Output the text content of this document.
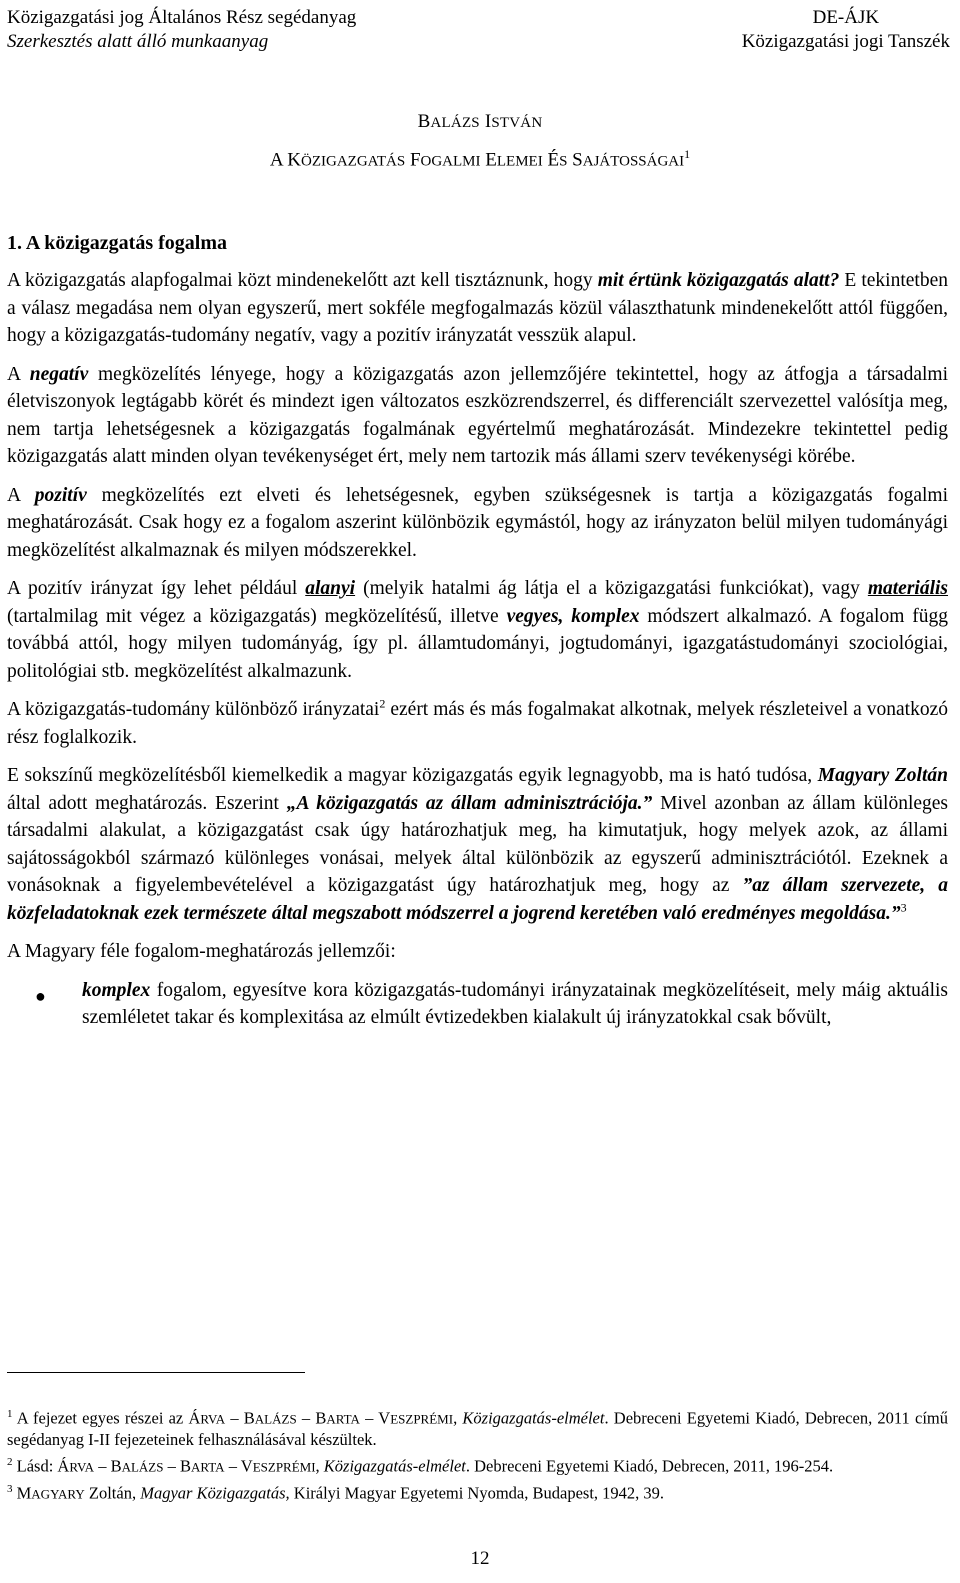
Közigazgatási jog Általános Rész segédanyag
Szerkesztés alatt álló munkaanyag
DE-ÁJK
Közigazgatási jogi Tanszék
BALÁZS ISTVÁN
A KÖZIGAZGATÁS FOGALMI ELEMEI ÉS SAJÁTOSSÁGAI$^1$
1. A közigazgatás fogalma

A közigazgatás alapfogalmai közt mindenekelőtt azt kell tisztáznunk, hogy mit értünk közigazgatás alatt? E tekintetben a válasz megadása nem olyan egyszerű, mert sokféle megfogalmazás közül választhatunk mindenekelőtt attól függően, hogy a közigazgatás-tudomány negatív, vagy a pozitív irányzatát vesszük alapul.

A negatív megközelítés lényege, hogy a közigazgatás azon jellemzőjére tekintettel, hogy az átfogja a társadalmi életviszonyok legtágabb körét és mindezt igen változatos eszközrendszerrel, és differenciált szervezettel valósítja meg, nem tartja lehetségesnek a közigazgatás fogalmának egyértelmű meghatározását. Mindezekre tekintettel pedig közigazgatás alatt minden olyan tevékenységet ért, mely nem tartozik más állami szerv tevékenységi körébe.

A pozitív megközelítés ezt elveti és lehetségesnek, egyben szükségesnek is tartja a közigazgatás fogalmi meghatározását. Csak hogy ez a fogalom aszerint különbözik egymástól, hogy az irányzaton belül milyen tudományági megközelítést alkalmaznak és milyen módszerekkel.

A pozitív irányzat így lehet például alanyi (melyik hatalmi ág látja el a közigazgatási funkciókat), vagy materiális (tartalmilag mit végez a közigazgatás) megközelítésű, illetve vegyes, komplex módszert alkalmazó. A fogalom függ továbbá attól, hogy milyen tudományág, így pl. államtudományi, jogtudományi, igazgatástudományi szociológiai, politológiai stb. megközelítést alkalmazunk.

A közigazgatás-tudomány különböző irányzatai$^2$ ezért más és más fogalmakat alkotnak, melyek részleteivel a vonatkozó rész foglalkozik.

E sokszínű megközelítésből kiemelkedik a magyar közigazgatás egyik legnagyobb, ma is ható tudósa, Magyary Zoltán által adott meghatározás. Eszerint „A közigazgatás az állam adminisztrációja.” Mivel azonban az állam különleges társadalmi alakulat, a közigazgatást csak úgy határozhatjuk meg, ha kimutatjuk, hogy melyek azok, az állami sajátosságokból származó különleges vonásai, melyek által különbözik az egyszerű adminisztrációtól. Ezeknek a vonásoknak a figyelembevételével a közigazgatást úgy határozhatjuk meg, hogy az ”az állam szervezete, a közfeladatoknak ezek természete által megszabott módszerrel a jogrend keretében való eredményes megoldása.”$^3$

A Magyary féle fogalom-meghatározás jellemzői:

● komplex fogalom, egyesítve kora közigazgatás-tudományi irányzatainak megközelítéseit, mely máig aktuális szemléletet takar és komplexitása az elmúlt évtizedekben kialakult új irányzatokkal csak bővült,
$^1$ A fejezet egyes részei az ÁRVA – BALÁZS – BARTA – VESZPRÉMI, Közigazgatás-elmélet. Debreceni Egyetemi Kiadó, Debrecen, 2011 című segédanyag I-II fejezeteinek felhasználásával készültek.
$^2$ Lásd: ÁRVA – BALÁZS – BARTA – VESZPRÉMI, Közigazgatás-elmélet. Debreceni Egyetemi Kiadó, Debrecen, 2011, 196-254.
$^3$ MAGYARY Zoltán, Magyar Közigazgatás, Királyi Magyar Egyetemi Nyomda, Budapest, 1942, 39.
12
